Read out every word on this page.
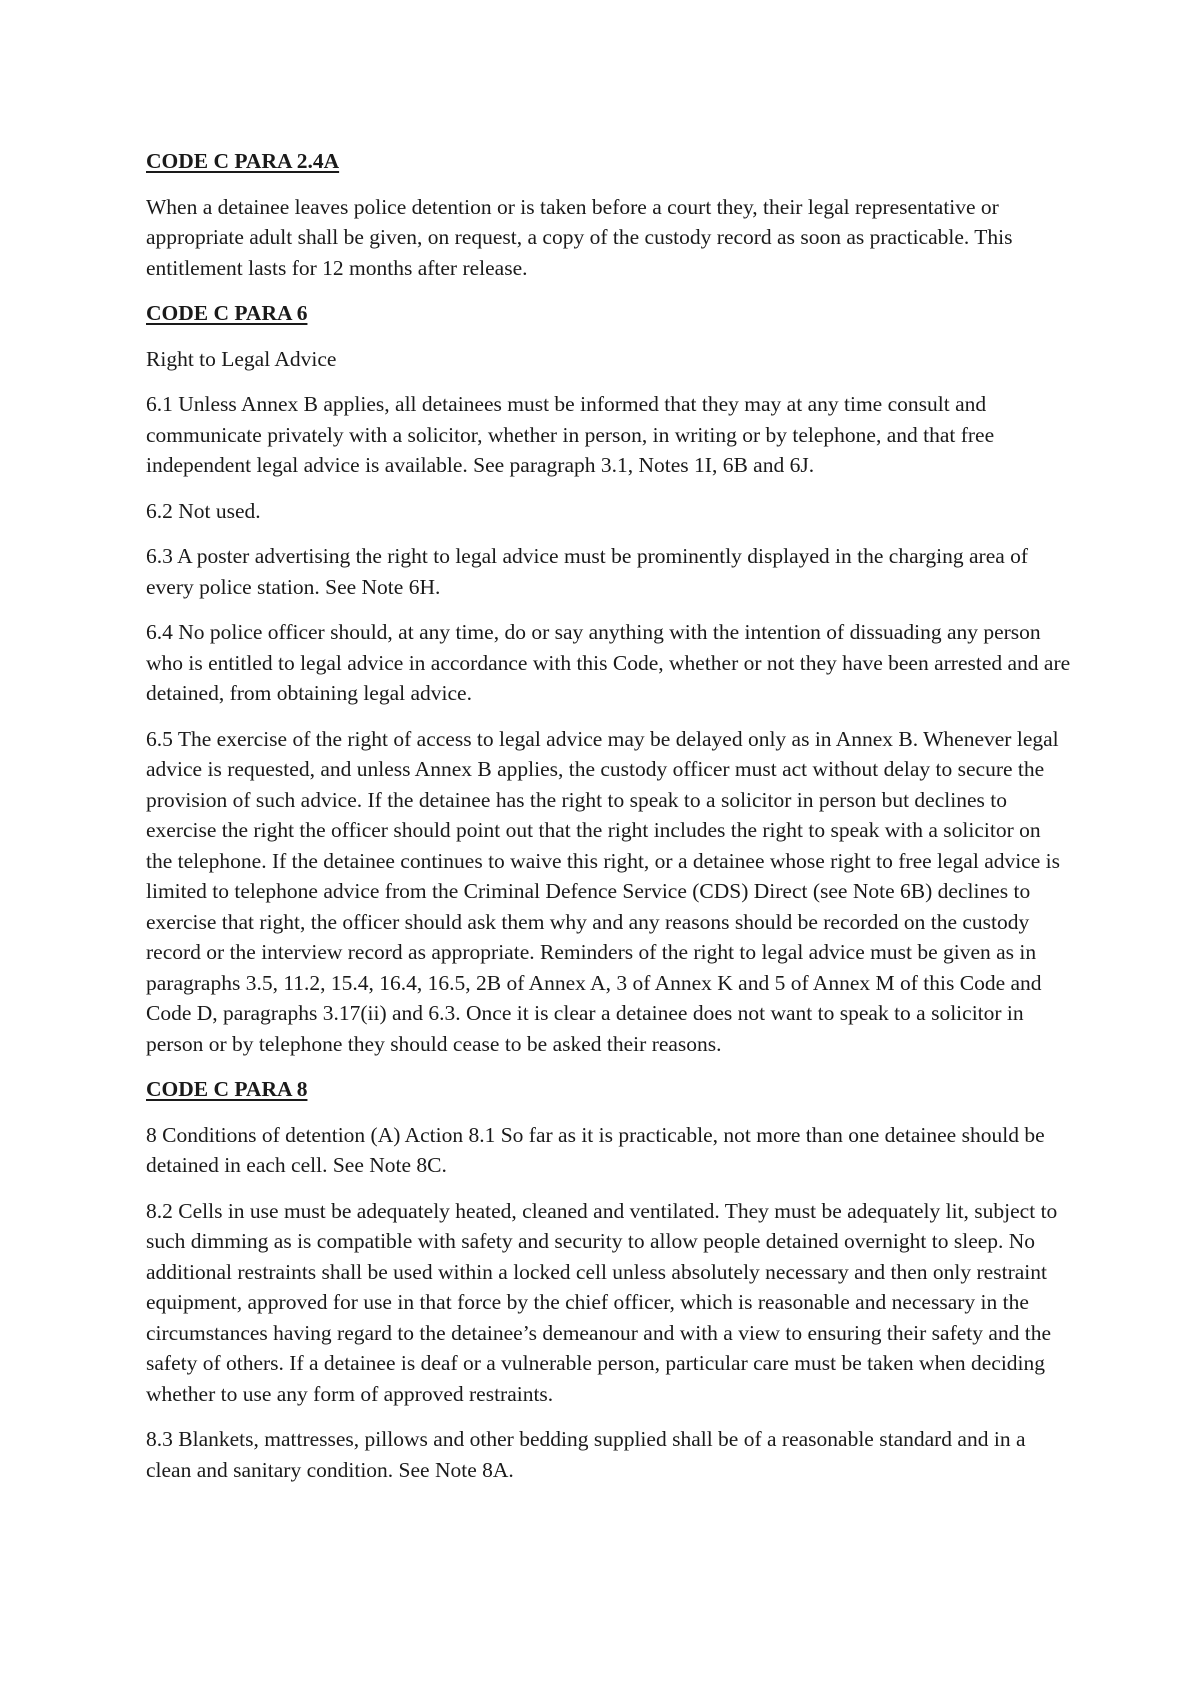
CODE C PARA 2.4A

When a detainee leaves police detention or is taken before a court they, their legal representative or appropriate adult shall be given, on request, a copy of the custody record as soon as practicable. This entitlement lasts for 12 months after release.

CODE C PARA 6

Right to Legal Advice

6.1 Unless Annex B applies, all detainees must be informed that they may at any time consult and communicate privately with a solicitor, whether in person, in writing or by telephone, and that free independent legal advice is available. See paragraph 3.1, Notes 1I, 6B and 6J.

6.2 Not used.

6.3 A poster advertising the right to legal advice must be prominently displayed in the charging area of every police station. See Note 6H.

6.4 No police officer should, at any time, do or say anything with the intention of dissuading any person who is entitled to legal advice in accordance with this Code, whether or not they have been arrested and are detained, from obtaining legal advice.

6.5 The exercise of the right of access to legal advice may be delayed only as in Annex B. Whenever legal advice is requested, and unless Annex B applies, the custody officer must act without delay to secure the provision of such advice. If the detainee has the right to speak to a solicitor in person but declines to exercise the right the officer should point out that the right includes the right to speak with a solicitor on the telephone. If the detainee continues to waive this right, or a detainee whose right to free legal advice is limited to telephone advice from the Criminal Defence Service (CDS) Direct (see Note 6B) declines to exercise that right, the officer should ask them why and any reasons should be recorded on the custody record or the interview record as appropriate. Reminders of the right to legal advice must be given as in paragraphs 3.5, 11.2, 15.4, 16.4, 16.5, 2B of Annex A, 3 of Annex K and 5 of Annex M of this Code and Code D, paragraphs 3.17(ii) and 6.3. Once it is clear a detainee does not want to speak to a solicitor in person or by telephone they should cease to be asked their reasons.

CODE C PARA 8

8 Conditions of detention (A) Action 8.1 So far as it is practicable, not more than one detainee should be detained in each cell. See Note 8C.

8.2 Cells in use must be adequately heated, cleaned and ventilated. They must be adequately lit, subject to such dimming as is compatible with safety and security to allow people detained overnight to sleep. No additional restraints shall be used within a locked cell unless absolutely necessary and then only restraint equipment, approved for use in that force by the chief officer, which is reasonable and necessary in the circumstances having regard to the detainee’s demeanour and with a view to ensuring their safety and the safety of others. If a detainee is deaf or a vulnerable person, particular care must be taken when deciding whether to use any form of approved restraints.

8.3 Blankets, mattresses, pillows and other bedding supplied shall be of a reasonable standard and in a clean and sanitary condition. See Note 8A.
